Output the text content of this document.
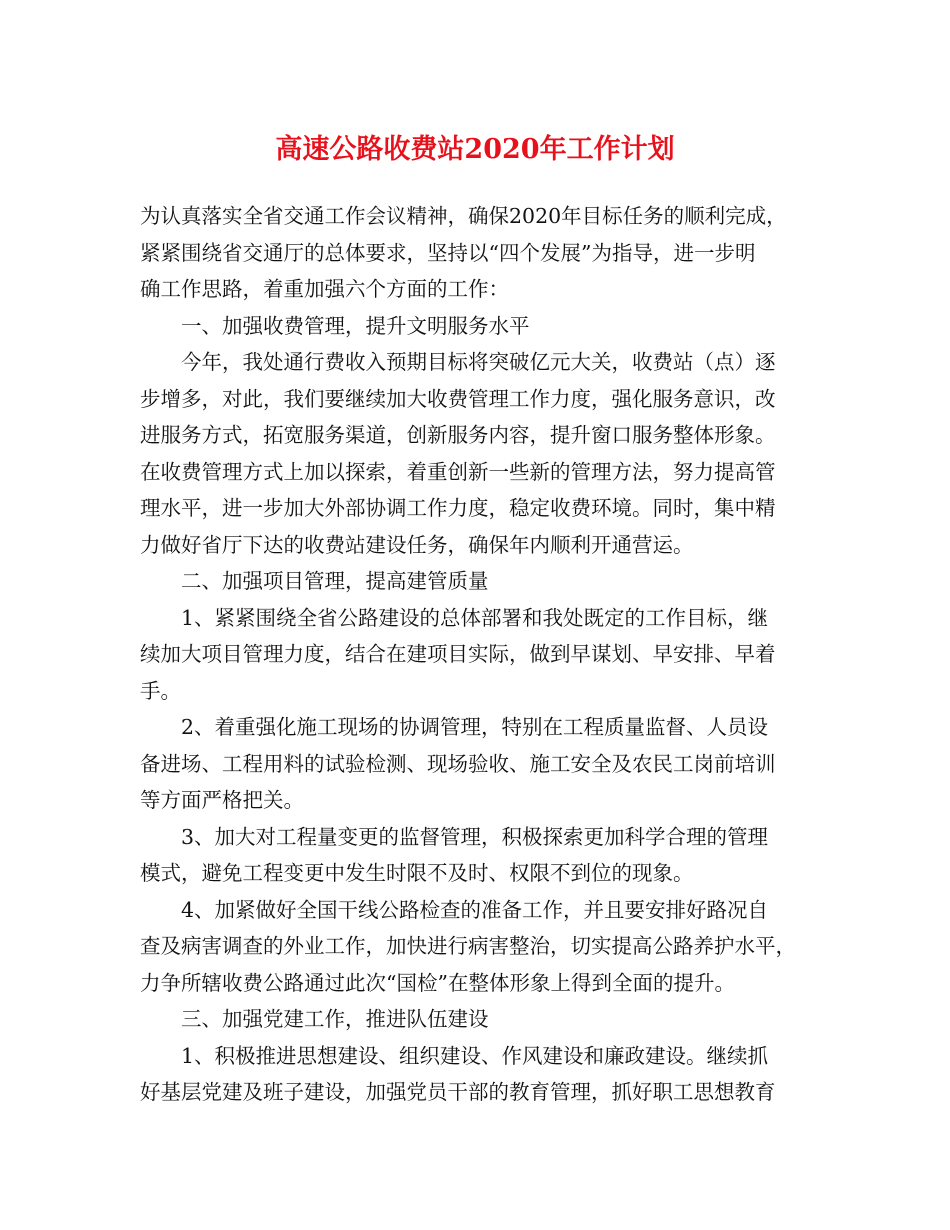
高速公路收费站2020年工作计划
为认真落实全省交通工作会议精神，确保2020年目标任务的顺利完成，
紧紧围绕省交通厅的总体要求，坚持以“四个发展”为指导，进一步明
确工作思路，着重加强六个方面的工作：
一、加强收费管理，提升文明服务水平
今年，我处通行费收入预期目标将突破亿元大关，收费站（点）逐
步增多，对此，我们要继续加大收费管理工作力度，强化服务意识，改
进服务方式，拓宽服务渠道，创新服务内容，提升窗口服务整体形象。
在收费管理方式上加以探索，着重创新一些新的管理方法，努力提高管
理水平，进一步加大外部协调工作力度，稳定收费环境。同时，集中精
力做好省厅下达的收费站建设任务，确保年内顺利开通营运。
二、加强项目管理，提高建管质量
1、紧紧围绕全省公路建设的总体部署和我处既定的工作目标，继
续加大项目管理力度，结合在建项目实际，做到早谋划、早安排、早着
手。
2、着重强化施工现场的协调管理，特别在工程质量监督、人员设
备进场、工程用料的试验检测、现场验收、施工安全及农民工岗前培训
等方面严格把关。
3、加大对工程量变更的监督管理，积极探索更加科学合理的管理
模式，避免工程变更中发生时限不及时、权限不到位的现象。
4、加紧做好全国干线公路检查的准备工作，并且要安排好路况自
查及病害调查的外业工作，加快进行病害整治，切实提高公路养护水平，
力争所辖收费公路通过此次“国检”在整体形象上得到全面的提升。
三、加强党建工作，推进队伍建设
1、积极推进思想建设、组织建设、作风建设和廉政建设。继续抓
好基层党建及班子建设，加强党员干部的教育管理，抓好职工思想教育
